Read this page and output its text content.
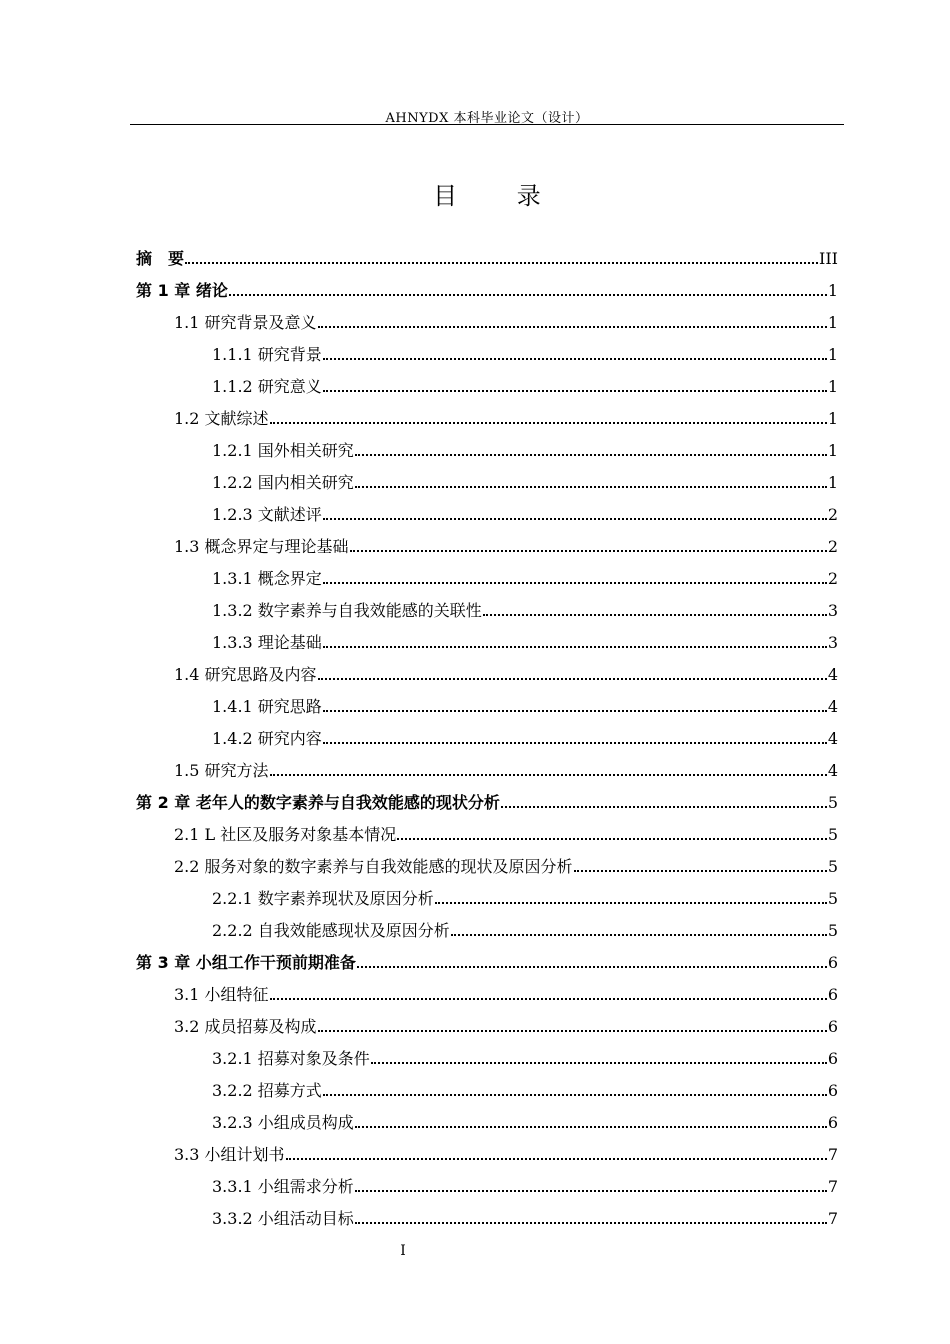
AHNYDX 本科毕业论文（设计）
目 录
摘　要	III
第 1 章 绪论	1
1.1 研究背景及意义	1
1.1.1 研究背景	1
1.1.2 研究意义	1
1.2 文献综述	1
1.2.1 国外相关研究	1
1.2.2 国内相关研究	1
1.2.3 文献述评	2
1.3 概念界定与理论基础	2
1.3.1 概念界定	2
1.3.2 数字素养与自我效能感的关联性	3
1.3.3 理论基础	3
1.4 研究思路及内容	4
1.4.1 研究思路	4
1.4.2 研究内容	4
1.5 研究方法	4
第 2 章 老年人的数字素养与自我效能感的现状分析	5
2.1 L 社区及服务对象基本情况	5
2.2 服务对象的数字素养与自我效能感的现状及原因分析	5
2.2.1 数字素养现状及原因分析	5
2.2.2 自我效能感现状及原因分析	5
第 3 章 小组工作干预前期准备	6
3.1 小组特征	6
3.2 成员招募及构成	6
3.2.1 招募对象及条件	6
3.2.2 招募方式	6
3.2.3 小组成员构成	6
3.3 小组计划书	7
3.3.1 小组需求分析	7
3.3.2 小组活动目标	7
I
